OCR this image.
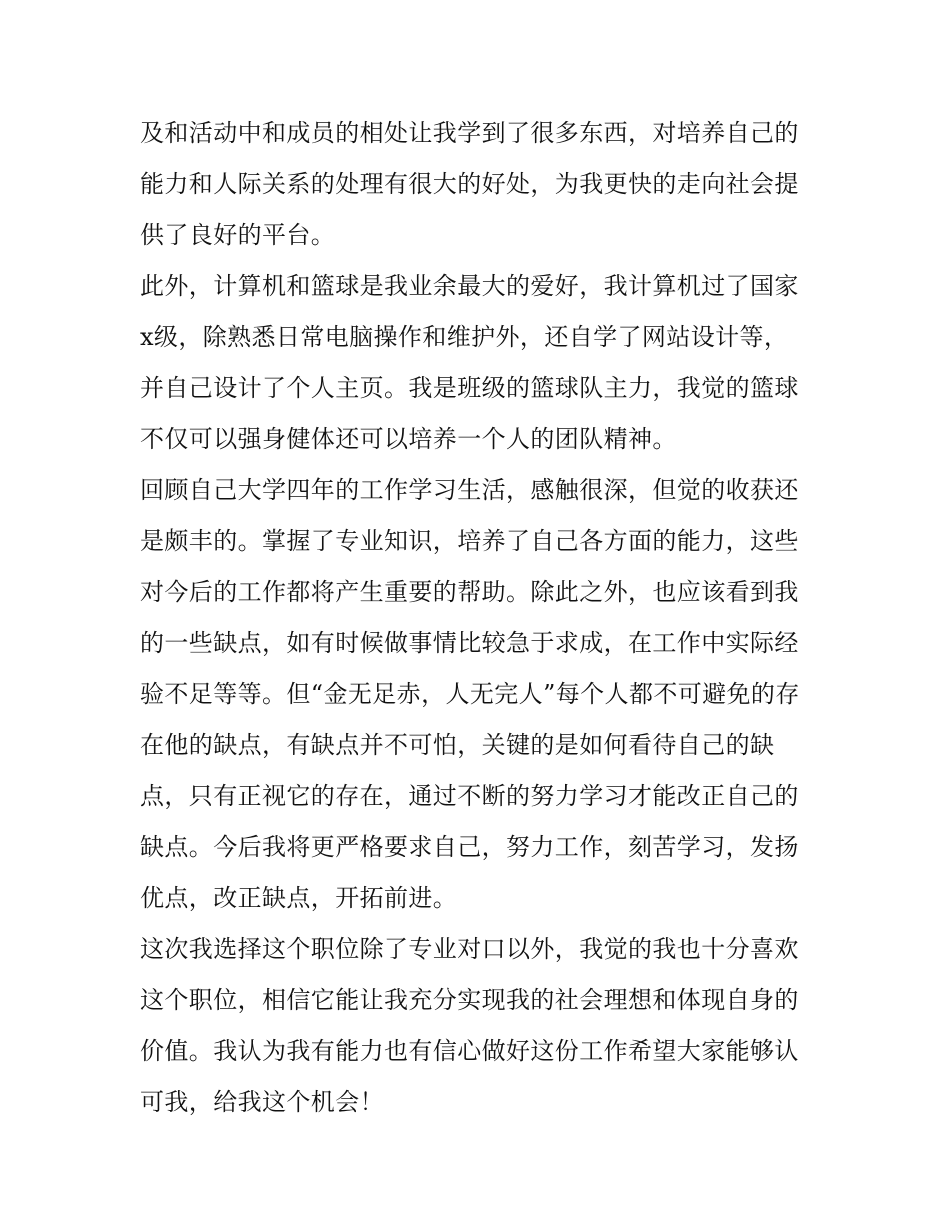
及和活动中和成员的相处让我学到了很多东西，对培养自己的
能力和人际关系的处理有很大的好处，为我更快的走向社会提
供了良好的平台。
此外，计算机和篮球是我业余最大的爱好，我计算机过了国家
x级，除熟悉日常电脑操作和维护外，还自学了网站设计等，
并自己设计了个人主页。我是班级的篮球队主力，我觉的篮球
不仅可以强身健体还可以培养一个人的团队精神。
回顾自己大学四年的工作学习生活，感触很深，但觉的收获还
是颇丰的。掌握了专业知识，培养了自己各方面的能力，这些
对今后的工作都将产生重要的帮助。除此之外，也应该看到我
的一些缺点，如有时候做事情比较急于求成，在工作中实际经
验不足等等。但“金无足赤，人无完人”每个人都不可避免的存
在他的缺点，有缺点并不可怕，关键的是如何看待自己的缺
点，只有正视它的存在，通过不断的努力学习才能改正自己的
缺点。今后我将更严格要求自己，努力工作，刻苦学习，发扬
优点，改正缺点，开拓前进。
这次我选择这个职位除了专业对口以外，我觉的我也十分喜欢
这个职位，相信它能让我充分实现我的社会理想和体现自身的
价值。我认为我有能力也有信心做好这份工作希望大家能够认
可我，给我这个机会！
